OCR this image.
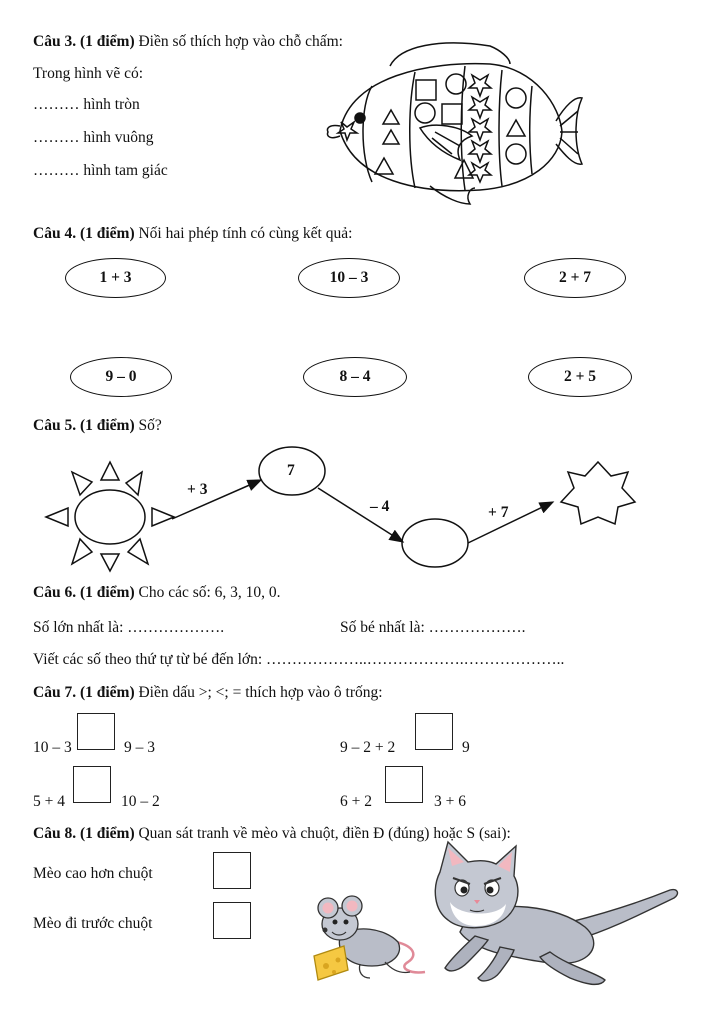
Câu 3. (1 điểm) Điền số thích hợp vào chỗ chấm:
Trong hình vẽ có:
……… hình tròn
……… hình vuông
……… hình tam giác
Câu 4. (1 điểm) Nối hai phép tính có cùng kết quả:
1 + 3	10 – 3	2 + 7
9 – 0	8 – 4	2 + 5
Câu 5. (1 điểm) Số?
+ 3
7
– 4	+ 7
Câu 6. (1 điểm) Cho các số: 6, 3, 10, 0.
Số lớn nhất là: ……………….	Số bé nhất là: ……………….
Viết các số theo thứ tự từ bé đến lớn: ………………..……………….………………..
Câu 7. (1 điểm) Điền dấu >; <; = thích hợp vào ô trống:
10 – 3	9 – 3	9 – 2 + 2	9
5 + 4	10 – 2	6 + 2	3 + 6
Câu 8. (1 điểm) Quan sát tranh về mèo và chuột, điền Đ (đúng) hoặc S (sai):
Mèo cao hơn chuột
Mèo đi trước chuột
